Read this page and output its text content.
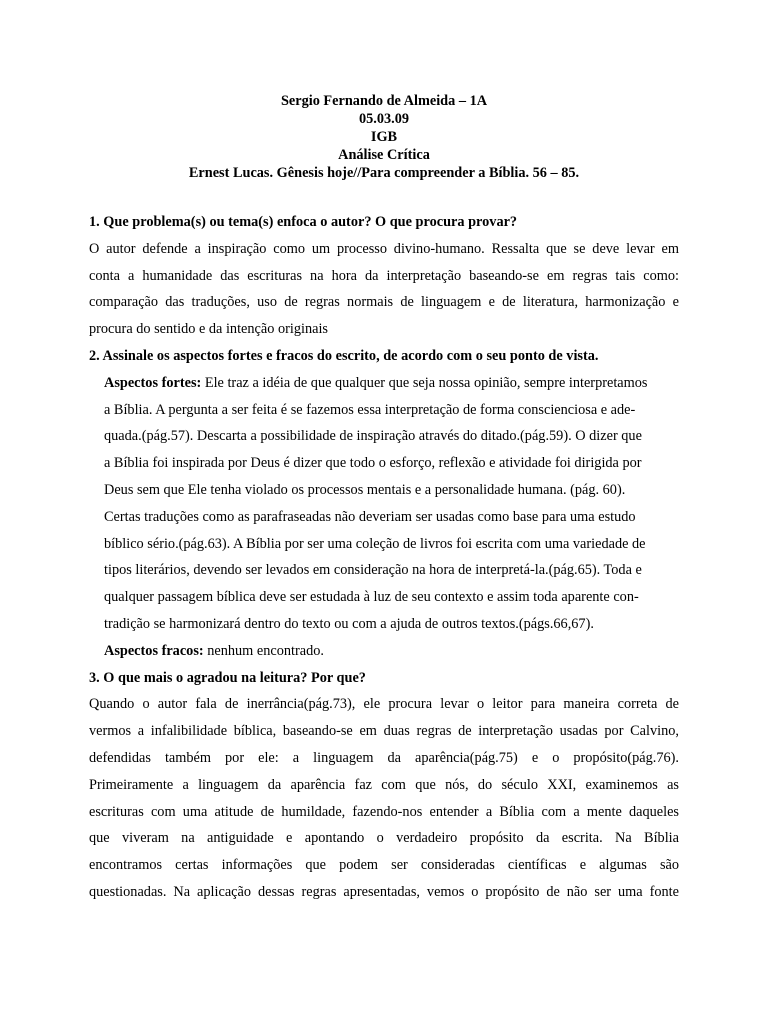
Sergio Fernando de Almeida – 1A
05.03.09
IGB
Análise Crítica
Ernest Lucas. Gênesis hoje//Para compreender a Bíblia. 56 – 85.

1. Que problema(s) ou tema(s) enfoca o autor? O que procura provar?

O autor defende a inspiração como um processo divino-humano. Ressalta que se deve levar em
conta a humanidade das escrituras na hora da interpretação baseando-se em regras tais como:
comparação das traduções, uso de regras normais de linguagem e de literatura, harmonização e
procura do sentido e da intenção originais

2. Assinale os aspectos fortes e fracos do escrito, de acordo com o seu ponto de vista.

Aspectos fortes: Ele traz a idéia de que qualquer que seja nossa opinião, sempre interpretamos
a Bíblia. A pergunta a ser feita é se fazemos essa interpretação de forma conscienciosa e ade-
quada.(pág.57). Descarta a possibilidade de inspiração através do ditado.(pág.59). O dizer que
a Bíblia foi inspirada por Deus é dizer que todo o esforço, reflexão e atividade foi dirigida por
Deus sem que Ele tenha violado os processos mentais e a personalidade humana. (pág. 60).
Certas traduções como as parafraseadas não deveriam ser usadas como base para uma estudo
bíblico sério.(pág.63). A Bíblia por ser uma coleção de livros foi escrita com uma variedade de
tipos literários, devendo ser levados em consideração na hora de interpretá-la.(pág.65). Toda e
qualquer passagem bíblica deve ser estudada à luz de seu contexto e assim toda aparente con-
tradição se harmonizará dentro do texto ou com a ajuda de outros textos.(págs.66,67).
Aspectos fracos: nenhum encontrado.

3. O que mais o agradou na leitura? Por que?

Quando o autor fala de inerrância(pág.73), ele procura levar o leitor para maneira correta de
vermos a infalibilidade bíblica, baseando-se em duas regras de interpretação usadas por Calvino,
defendidas também por ele: a linguagem da aparência(pág.75) e o propósito(pág.76).
Primeiramente a linguagem da aparência faz com que nós, do século XXI, examinemos as
escrituras com uma atitude de humildade, fazendo-nos entender a Bíblia com a mente daqueles
que viveram na antiguidade e apontando o verdadeiro propósito da escrita. Na Bíblia
encontramos certas informações que podem ser consideradas científicas e algumas são
questionadas. Na aplicação dessas regras apresentadas, vemos o propósito de não ser uma fonte
